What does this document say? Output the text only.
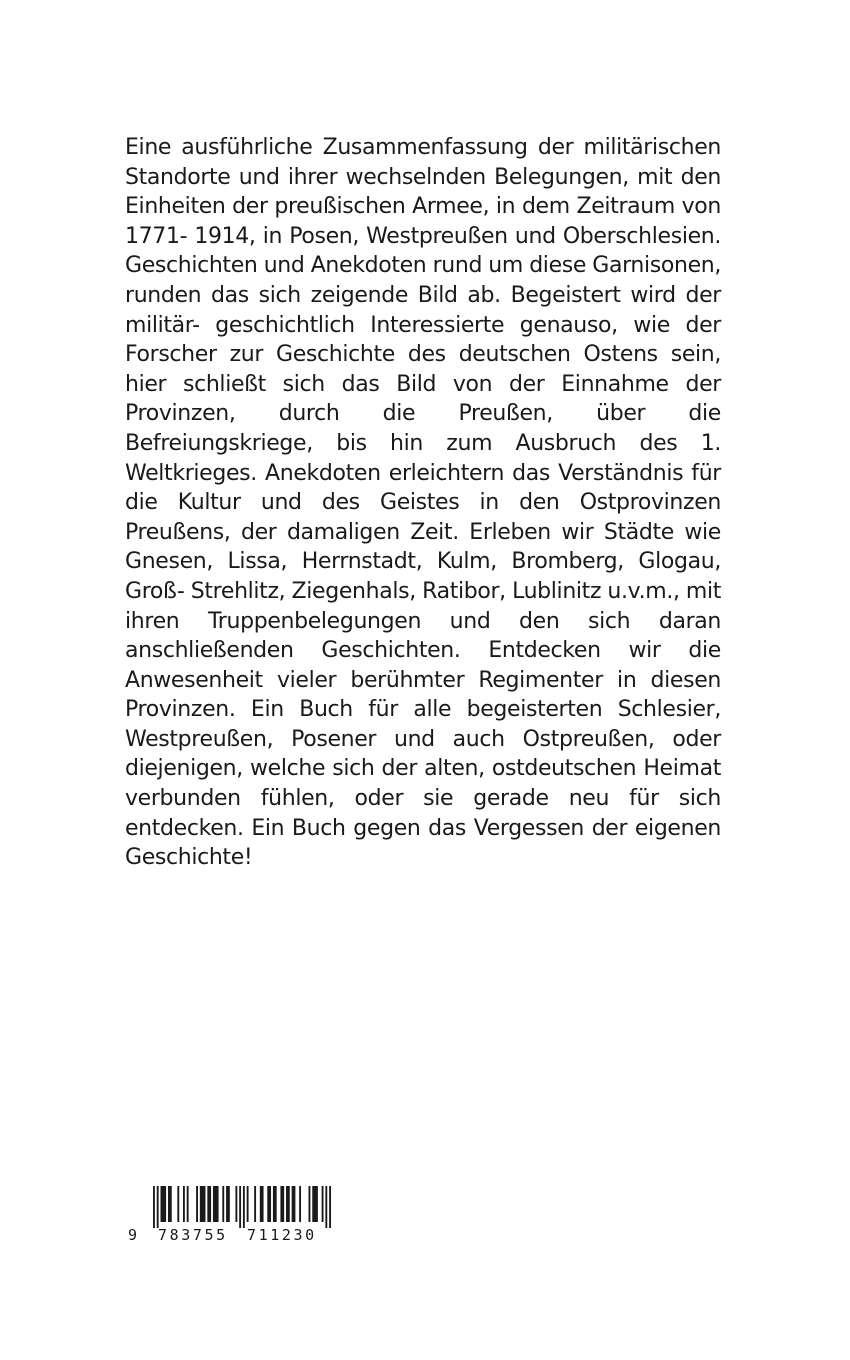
Eine ausführliche Zusammenfassung der militärischen Standorte und ihrer wechselnden Belegungen, mit den Einheiten der preußischen Armee, in dem Zeitraum von 1771- 1914, in Posen, Westpreußen und Oberschlesien. Geschichten und Anekdoten rund um diese Garnisonen, runden das sich zeigende Bild ab. Begeistert wird der militär- geschichtlich Interessierte genauso, wie der Forscher zur Geschichte des deutschen Ostens sein, hier schließt sich das Bild von der Einnahme der Provinzen, durch die Preußen, über die Befreiungskriege, bis hin zum Ausbruch des 1. Weltkrieges. Anekdoten erleichtern das Verständnis für die Kultur und des Geistes in den Ostprovinzen Preußens, der damaligen Zeit. Erleben wir Städte wie Gnesen, Lissa, Herrnstadt, Kulm, Bromberg, Glogau, Groß- Strehlitz, Ziegenhals, Ratibor, Lublinitz u.v.m., mit ihren Truppenbelegungen und den sich daran anschließenden Geschichten. Entdecken wir die Anwesenheit vieler berühmter Regimenter in diesen Provinzen. Ein Buch für alle begeisterten Schlesier, Westpreußen, Posener und auch Ostpreußen, oder diejenigen, welche sich der alten, ostdeutschen Heimat verbunden fühlen, oder sie gerade neu für sich entdecken. Ein Buch gegen das Vergessen der eigenen Geschichte!

9

783755

711230
